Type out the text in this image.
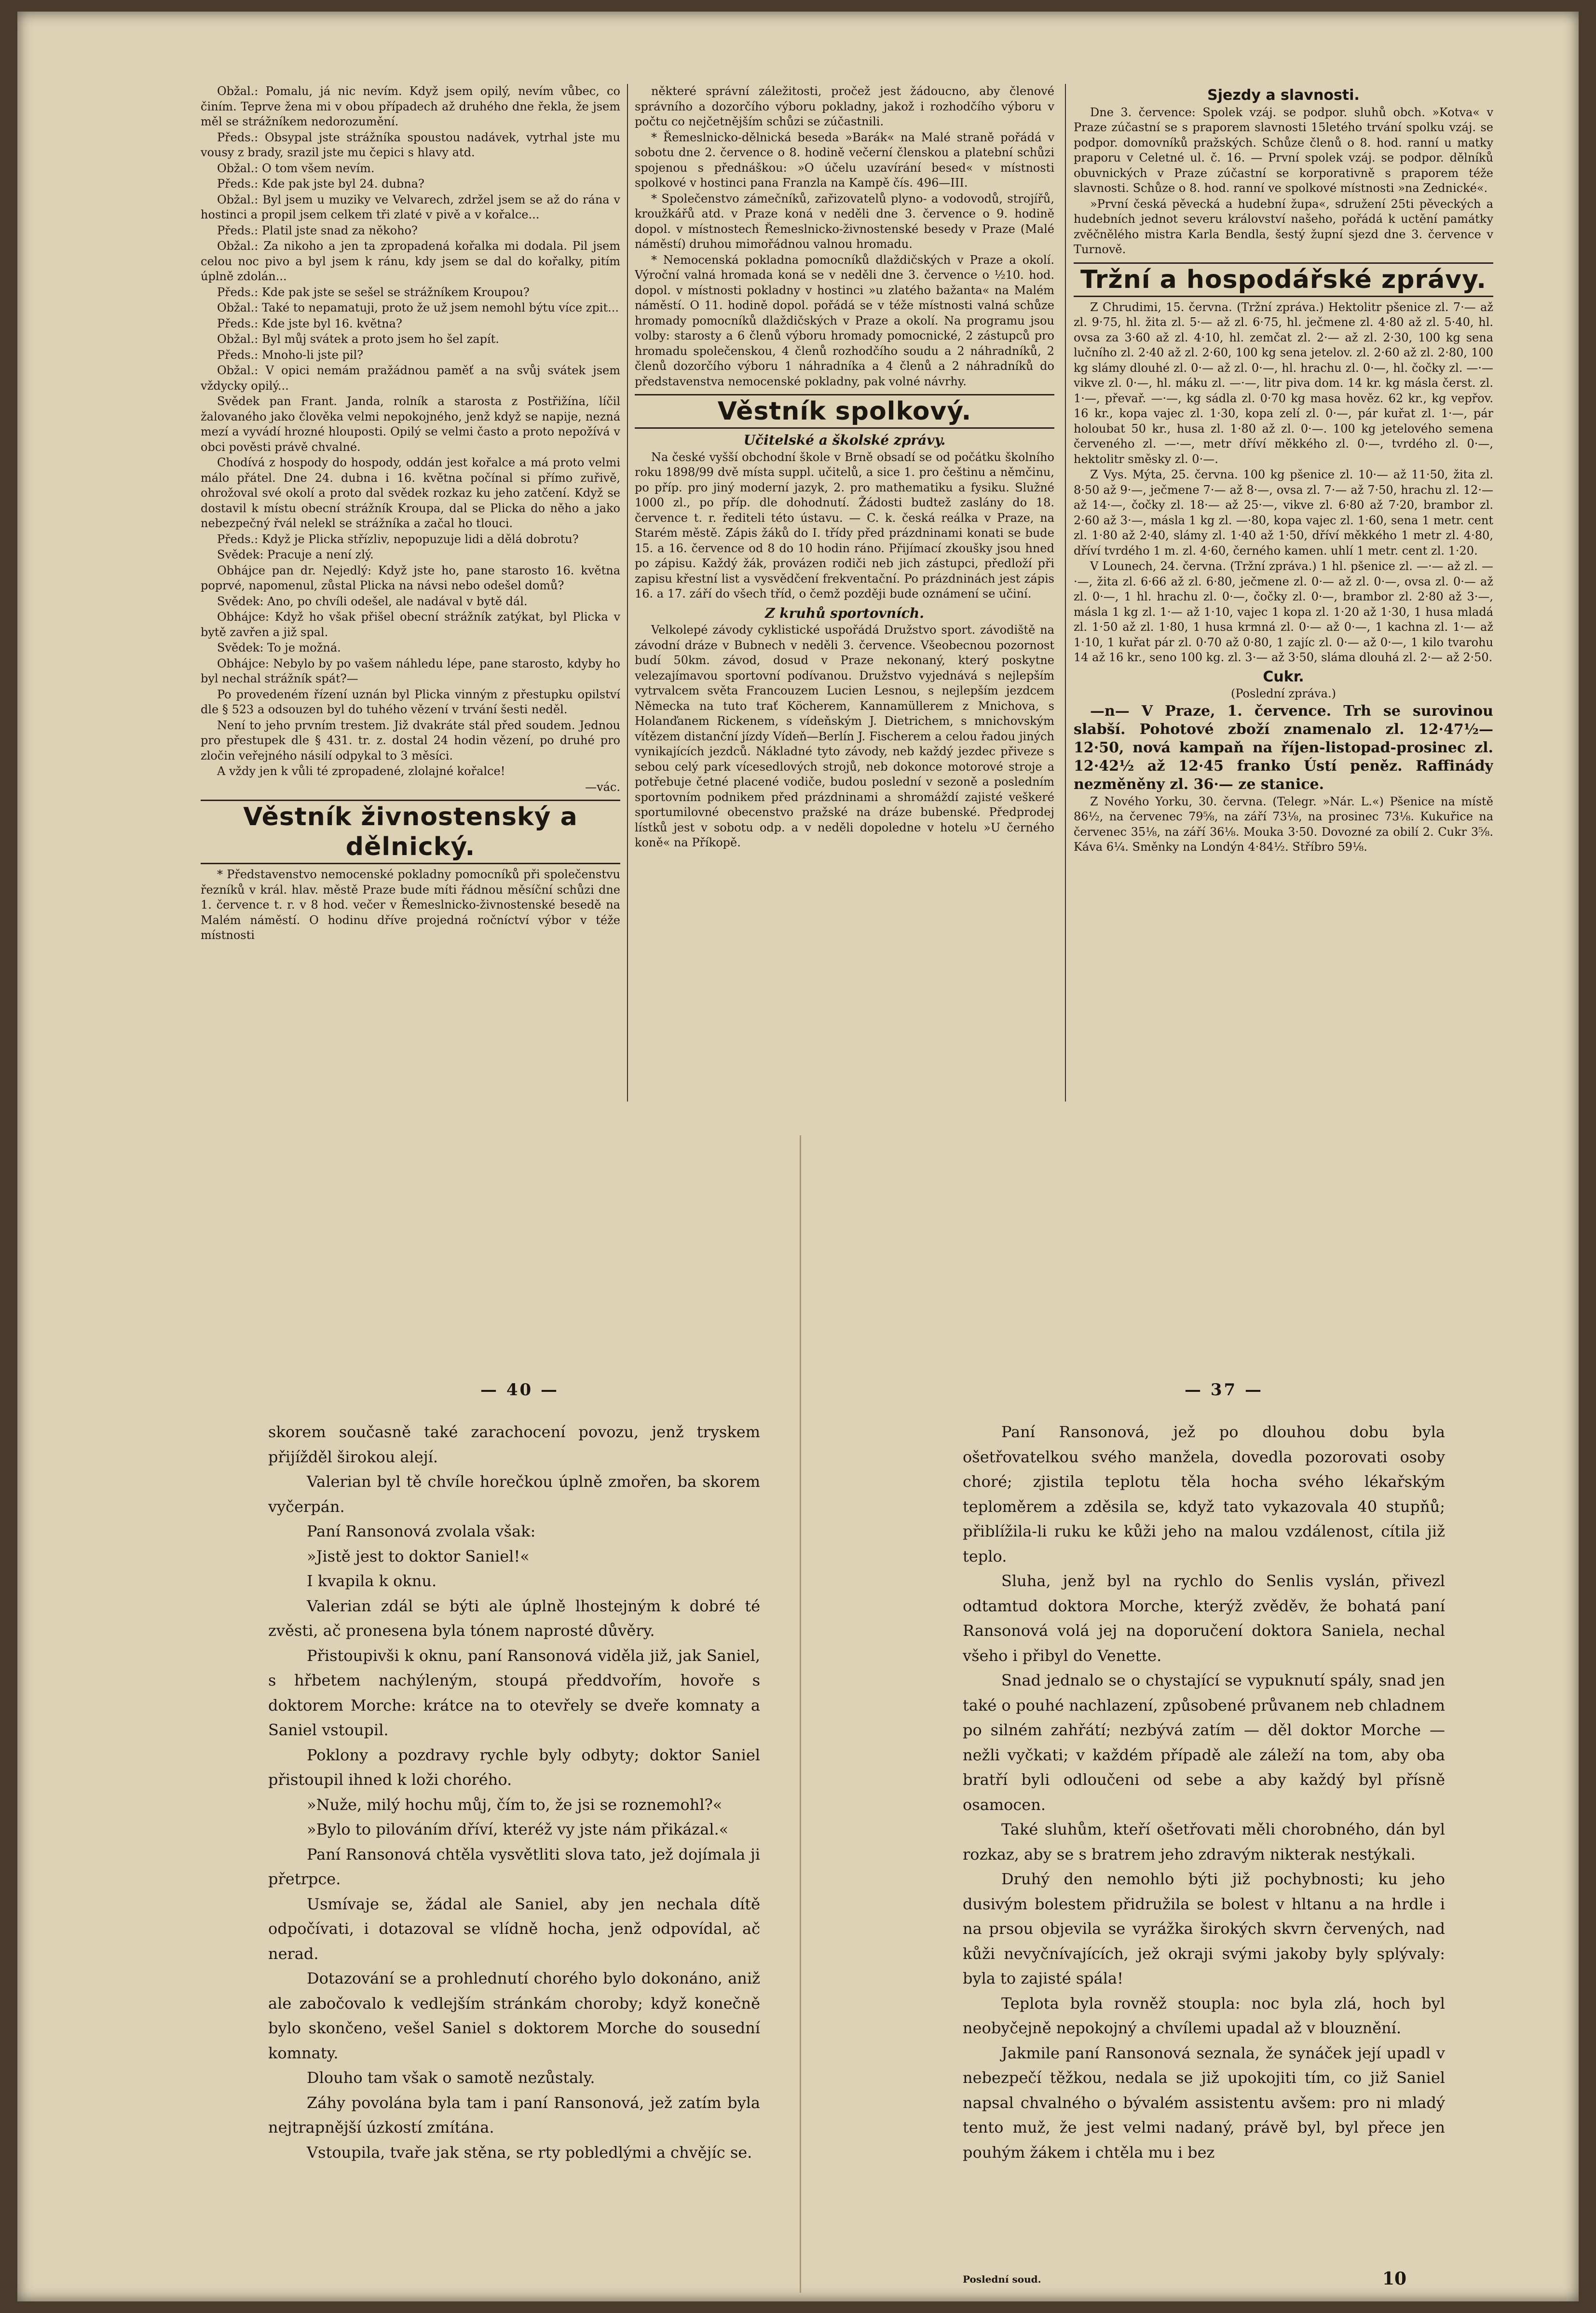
Obžal.: Pomalu, já nic nevím. Když jsem opilý, nevím vůbec, co činím. Teprve žena mi v obou případech až druhého dne řekla, že jsem měl se strážníkem nedorozumění.

Předs.: Obsypal jste strážníka spoustou nadávek, vytrhal jste mu vousy z brady, srazil jste mu čepici s hlavy atd.

Obžal.: O tom všem nevím.

Předs.: Kde pak jste byl 24. dubna?

Obžal.: Byl jsem u muziky ve Velvarech, zdržel jsem se až do rána v hostinci a propil jsem celkem tři zlaté v pivě a v kořalce...

Předs.: Platil jste snad za někoho?

Obžal.: Za nikoho a jen ta zpropadená kořalka mi dodala. Pil jsem celou noc pivo a byl jsem k ránu, kdy jsem se dal do kořalky, pitím úplně zdolán...

Předs.: Kde pak jste se sešel se strážníkem Kroupou?

Obžal.: Také to nepamatuji, proto že už jsem nemohl býtu více zpit...

Předs.: Kde jste byl 16. května?

Obžal.: Byl můj svátek a proto jsem ho šel zapít.

Předs.: Mnoho-li jste pil?

Obžal.: V opici nemám pražádnou paměť a na svůj svátek jsem vždycky opilý...

Svědek pan Frant. Janda, rolník a starosta z Postřižína, líčil žalovaného jako člověka velmi nepokojného, jenž když se napije, nezná mezí a vyvádí hrozné hlouposti. Opilý se velmi často a proto nepožívá v obci pověsti právě chvalné.

Chodívá z hospody do hospody, oddán jest kořalce a má proto velmi málo přátel. Dne 24. dubna i 16. května počínal si přímo zuřivě, ohrožoval své okolí a proto dal svědek rozkaz ku jeho zatčení. Když se dostavil k místu obecní strážník Kroupa, dal se Plicka do něho a jako nebezpečný řvál nelekl se strážníka a začal ho tlouci.

Předs.: Když je Plicka střízliv, nepopuzuje lidi a dělá dobrotu?

Svědek: Pracuje a není zlý.

Obhájce pan dr. Nejedlý: Když jste ho, pane starosto 16. května poprvé, napomenul, zůstal Plicka na návsi nebo odešel domů?

Svědek: Ano, po chvíli odešel, ale nadával v bytě dál.

Obhájce: Když ho však přišel obecní strážník zatýkat, byl Plicka v bytě zavřen a již spal.

Svědek: To je možná.

Obhájce: Nebylo by po vašem náhledu lépe, pane starosto, kdyby ho byl nechal strážník spát?—

Po provedeném řízení uznán byl Plicka vinným z přestupku opilství dle § 523 a odsouzen byl do tuhého vězení v trvání šesti neděl.

Není to jeho prvním trestem. Již dvakráte stál před soudem. Jednou pro přestupek dle § 431. tr. z. dostal 24 hodin vězení, po druhé pro zločin veřejného násilí odpykal to 3 měsíci.

A vždy jen k vůli té zpropadené, zlolajné kořalce!

—vác.

Věstník živnostenský a dělnický.

* Představenstvo nemocenské pokladny pomocníků při společenstvu řezníků v král. hlav. městě Praze bude míti řádnou měsíční schůzi dne 1. července t. r. v 8 hod. večer v Řemeslnicko-živnostenské besedě na Malém náměstí. O hodinu dříve projedná ročníctví výbor v téže místnosti

některé správní záležitosti, pročež jest žádoucno, aby členové správního a dozorčího výboru pokladny, jakož i rozhodčího výboru v počtu co nejčetnějším schůzi se zúčastnili.

* Řemeslnicko-dělnická beseda »Barák« na Malé straně pořádá v sobotu dne 2. července o 8. hodině večerní členskou a platební schůzi spojenou s přednáškou: »O účelu uzavírání besed« v místnosti spolkové v hostinci pana Franzla na Kampě čís. 496—III.

* Společenstvo zámečníků, zařizovatelů plyno- a vodovodů, strojířů, kroužkářů atd. v Praze koná v neděli dne 3. července o 9. hodině dopol. v místnostech Řemeslnicko-živnostenské besedy v Praze (Malé náměstí) druhou mimořádnou valnou hromadu.

* Nemocenská pokladna pomocníků dlaždičských v Praze a okolí. Výroční valná hromada koná se v neděli dne 3. července o ½10. hod. dopol. v místnosti pokladny v hostinci »u zlatého bažanta« na Malém náměstí. O 11. hodině dopol. pořádá se v téže místnosti valná schůze hromady pomocníků dlaždičských v Praze a okolí. Na programu jsou volby: starosty a 6 členů výboru hromady pomocnické, 2 zástupců pro hromadu společenskou, 4 členů rozhodčího soudu a 2 náhradníků, 2 členů dozorčího výboru 1 náhradníka a 4 členů a 2 náhradníků do představenstva nemocenské pokladny, pak volné návrhy.

Věstník spolkový.
Učitelské a školské zprávy.

Na české vyšší obchodní škole v Brně obsadí se od počátku školního roku 1898/99 dvě místa suppl. učitelů, a sice 1. pro češtinu a němčinu, po příp. pro jiný moderní jazyk, 2. pro mathematiku a fysiku. Služné 1000 zl., po příp. dle dohodnutí. Žádosti budtež zaslány do 18. července t. r. řediteli této ústavu. — C. k. česká reálka v Praze, na Starém městě. Zápis žáků do I. třídy před prázdninami konati se bude 15. a 16. července od 8 do 10 hodin ráno. Přijímací zkoušky jsou hned po zápisu. Každý žák, provázen rodiči neb jich zástupci, předloží při zapisu křestní list a vysvědčení frekventační. Po prázdninách jest zápis 16. a 17. září do všech tříd, o čemž později bude oznámení se učiní.

Z kruhů sportovních.

Velkolepé závody cyklistické uspořádá Družstvo sport. závodiště na závodní dráze v Bubnech v neděli 3. července. Všeobecnou pozornost budí 50km. závod, dosud v Praze nekonaný, který poskytne velezajímavou sportovní podívanou. Družstvo vyjednává s nejlepším vytrvalcem světa Francouzem Lucien Lesnou, s nejlepším jezdcem Německa na tuto trať Köcherem, Kannamüllerem z Mnichova, s Holanďanem Rickenem, s vídeňským J. Dietrichem, s mnichovským vítězem distanční jízdy Vídeň—Berlín J. Fischerem a celou řadou jiných vynikajících jezdců. Nákladné tyto závody, neb každý jezdec přiveze s sebou celý park vícesedlových strojů, neb dokonce motorové stroje a potřebuje četné placené vodiče, budou poslední v sezoně a posledním sportovním podnikem před prázdninami a shromáždí zajisté veškeré sportumilovné obecenstvo pražské na dráze bubenské. Předprodej lístků jest v sobotu odp. a v neděli dopoledne v hotelu »U černého koně« na Příkopě.

Sjezdy a slavnosti.

Dne 3. července: Spolek vzáj. se podpor. sluhů obch. »Kotva« v Praze zúčastní se s praporem slavnosti 15letého trvání spolku vzáj. se podpor. domovníků pražských. Schůze členů o 8. hod. ranní u matky praporu v Celetné ul. č. 16. — První spolek vzáj. se podpor. dělníků obuvnických v Praze zúčastní se korporativně s praporem téže slavnosti. Schůze o 8. hod. ranní ve spolkové místnosti »na Zednické«.

»První česká pěvecká a hudební župa«, sdružení 25ti pěveckých a hudebních jednot severu království našeho, pořádá k uctění památky zvěčnělého mistra Karla Bendla, šestý župní sjezd dne 3. července v Turnově.

Tržní a hospodářské zprávy.

Z Chrudimi, 15. června. (Tržní zpráva.) Hektolitr pšenice zl. 7·— až zl. 9·75, hl. žita zl. 5·— až zl. 6·75, hl. ječmene zl. 4·80 až zl. 5·40, hl. ovsa za 3·60 až zl. 4·10, hl. zemčat zl. 2·— až zl. 2·30, 100 kg sena lučního zl. 2·40 až zl. 2·60, 100 kg sena jetelov. zl. 2·60 až zl. 2·80, 100 kg slámy dlouhé zl. 0·— až zl. 0·—, hl. hrachu zl. 0·—, hl. čočky zl. —·— vikve zl. 0·—, hl. máku zl. —·—, litr piva dom. 14 kr. kg másla čerst. zl. 1·—, převař. —·—, kg sádla zl. 0·70 kg masa hověz. 62 kr., kg vepřov. 16 kr., kopa vajec zl. 1·30, kopa zelí zl. 0·—, pár kuřat zl. 1·—, pár holoubat 50 kr., husa zl. 1·80 až zl. 0·—. 100 kg jetelového semena červeného zl. —·—, metr dříví měkkého zl. 0·—, tvrdého zl. 0·—, hektolitr směsky zl. 0·—.

Z Vys. Mýta, 25. června. 100 kg pšenice zl. 10·— až 11·50, žita zl. 8·50 až 9·—, ječmene 7·— až 8·—, ovsa zl. 7·— až 7·50, hrachu zl. 12·— až 14·—, čočky zl. 18·— až 25·—, vikve zl. 6·80 až 7·20, brambor zl. 2·60 až 3·—, másla 1 kg zl. —·80, kopa vajec zl. 1·60, sena 1 metr. cent zl. 1·80 až 2·40, slámy zl. 1·40 až 1·50, dříví měkkého 1 metr zl. 4·80, dříví tvrdého 1 m. zl. 4·60, černého kamen. uhlí 1 metr. cent zl. 1·20.

V Lounech, 24. června. (Tržní zpráva.) 1 hl. pšenice zl. —·— až zl. —·—, žita zl. 6·66 až zl. 6·80, ječmene zl. 0·— až zl. 0·—, ovsa zl. 0·— až zl. 0·—, 1 hl. hrachu zl. 0·—, čočky zl. 0·—, brambor zl. 2·80 až 3·—, másla 1 kg zl. 1·— až 1·10, vajec 1 kopa zl. 1·20 až 1·30, 1 husa mladá zl. 1·50 až zl. 1·80, 1 husa krmná zl. 0·— až 0·—, 1 kachna zl. 1·— až 1·10, 1 kuřat pár zl. 0·70 až 0·80, 1 zajíc zl. 0·— až 0·—, 1 kilo tvarohu 14 až 16 kr., seno 100 kg. zl. 3·— až 3·50, sláma dlouhá zl. 2·— až 2·50.

Cukr.

(Poslední zpráva.)

—n— V Praze, 1. července. Trh se surovinou slabší. Pohotové zboží znamenalo zl. 12·47½—12·50, nová kampaň na říjen-listopad-prosinec zl. 12·42½ až 12·45 franko Ústí peněz. Raffinády nezměněny zl. 36·— ze stanice.

Z Nového Yorku, 30. června. (Telegr. »Nár. L.«) Pšenice na místě 86½, na červenec 79⅝, na září 73⅛, na prosinec 73⅛. Kukuřice na červenec 35⅛, na září 36⅛. Mouka 3·50. Dovozné za obilí 2. Cukr 3⅝. Káva 6¼. Směnky na Londýn 4·84½. Stříbro 59⅛.

— 40 —	— 37 —

skorem současně také zarachocení povozu, jenž tryskem přijížděl širokou alejí.

Valerian byl tě chvíle horečkou úplně zmořen, ba skorem vyčerpán.

Paní Ransonová zvolala však:

»Jistě jest to doktor Saniel!«

I kvapila k oknu.

Valerian zdál se býti ale úplně lhostejným k dobré té zvěsti, ač pronesena byla tónem naprosté důvěry.

Přistoupivši k oknu, paní Ransonová viděla již, jak Saniel, s hřbetem nachýleným, stoupá předdvořím, hovoře s doktorem Morche: krátce na to otevřely se dveře komnaty a Saniel vstoupil.

Poklony a pozdravy rychle byly odbyty; doktor Saniel přistoupil ihned k loži chorého.

»Nuže, milý hochu můj, čím to, že jsi se roznemohl?«

»Bylo to pilováním dříví, kteréž vy jste nám přikázal.«

Paní Ransonová chtěla vysvětliti slova tato, jež dojímala ji přetrpce.

Usmívaje se, žádal ale Saniel, aby jen nechala dítě odpočívati, i dotazoval se vlídně hocha, jenž odpovídal, ač nerad.

Dotazování se a prohlednutí chorého bylo dokonáno, aniž ale zabočovalo k vedlejším stránkám choroby; když konečně bylo skončeno, vešel Saniel s doktorem Morche do sousední komnaty.

Dlouho tam však o samotě nezůstaly.

Záhy povolána byla tam i paní Ransonová, jež zatím byla nejtrapnější úzkostí zmítána.

Vstoupila, tvaře jak stěna, se rty pobledlými a chvějíc se.

Paní Ransonová, jež po dlouhou dobu byla ošetřovatelkou svého manžela, dovedla pozorovati osoby choré; zjistila teplotu těla hocha svého lékařským teploměrem a zděsila se, když tato vykazovala 40 stupňů; přiblížila-li ruku ke kůži jeho na malou vzdálenost, cítila již teplo.

Sluha, jenž byl na rychlo do Senlis vyslán, přivezl odtamtud doktora Morche, kterýž zvěděv, že bohatá paní Ransonová volá jej na doporučení doktora Saniela, nechal všeho i přibyl do Venette.

Snad jednalo se o chystající se vypuknutí spály, snad jen také o pouhé nachlazení, způsobené průvanem neb chladnem po silném zahřátí; nezbývá zatím — děl doktor Morche — nežli vyčkati; v každém případě ale záleží na tom, aby oba bratří byli odloučeni od sebe a aby každý byl přísně osamocen.

Také sluhům, kteří ošetřovati měli chorobného, dán byl rozkaz, aby se s bratrem jeho zdravým nikterak nestýkali.

Druhý den nemohlo býti již pochybnosti; ku jeho dusivým bolestem přidružila se bolest v hltanu a na hrdle i na prsou objevila se vyrážka širokých skvrn červených, nad kůži nevyčnívajících, jež okraji svými jakoby byly splývaly: byla to zajisté spála!

Teplota byla rovněž stoupla: noc byla zlá, hoch byl neobyčejně nepokojný a chvílemi upadal až v blouznění.

Jakmile paní Ransonová seznala, že synáček její upadl v nebezpečí těžkou, nedala se již upokojiti tím, co již Saniel napsal chvalného o bývalém assistentu avšem: pro ni mladý tento muž, že jest velmi nadaný, právě byl, byl přece jen pouhým žákem i chtěla mu i bez

Poslední soud.	10
